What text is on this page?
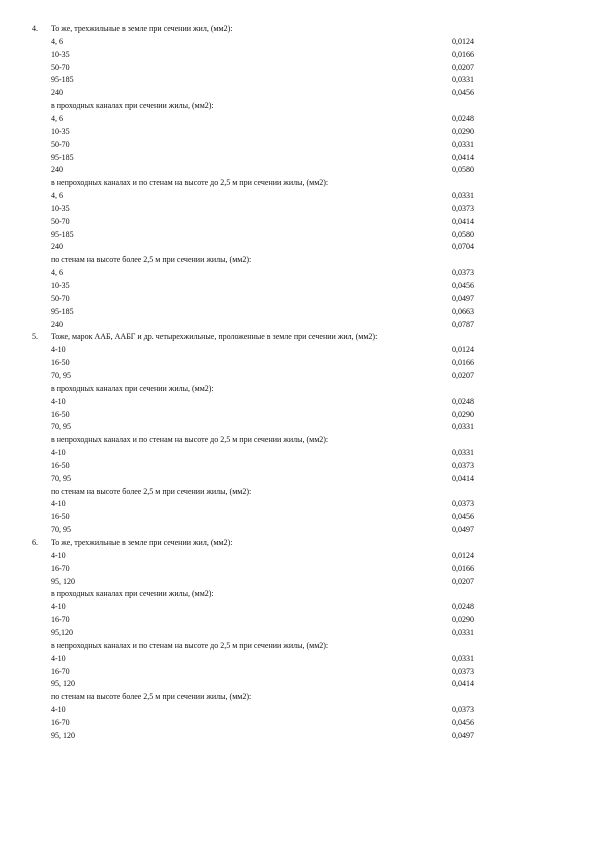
4. То же, трехжильные в земле при сечении жил, (мм2):
4, 6	0,0124
10-35	0,0166
50-70	0,0207
95-185	0,0331
240	0,0456
в проходных каналах при сечении жилы, (мм2):
4, 6	0,0248
10-35	0,0290
50-70	0,0331
95-185	0,0414
240	0,0580
в непроходных каналах и по стенам на высоте до 2,5 м при сечении жилы, (мм2):
4, 6	0,0331
10-35	0,0373
50-70	0,0414
95-185	0,0580
240	0,0704
по стенам на высоте более 2,5 м при сечении жилы, (мм2):
4, 6	0,0373
10-35	0,0456
50-70	0,0497
95-185	0,0663
240	0,0787
5. Тоже, марок ААБ, ААБГ и др. четырехжильные, проложенные в земле при сечении жил, (мм2):
4-10	0,0124
16-50	0,0166
70, 95	0,0207
в проходных каналах при сечении жилы, (мм2):
4-10	0,0248
16-50	0,0290
70, 95	0,0331
в непроходных каналах и по стенам на высоте до 2,5 м при сечении жилы, (мм2):
4-10	0,0331
16-50	0,0373
70, 95	0,0414
по стенам на высоте более 2,5 м при сечении жилы, (мм2):
4-10	0,0373
16-50	0,0456
70, 95	0,0497
6. То же, трехжильные в земле при сечении жил, (мм2):
4-10	0,0124
16-70	0,0166
95, 120	0,0207
в проходных каналах при сечении жилы, (мм2):
4-10	0,0248
16-70	0,0290
95,120	0,0331
в непроходных каналах и по стенам на высоте до 2,5 м при сечении жилы, (мм2):
4-10	0,0331
16-70	0,0373
95, 120	0,0414
по стенам на высоте более 2,5 м при сечении жилы, (мм2):
4-10	0,0373
16-70	0,0456
95, 120	0,0497
